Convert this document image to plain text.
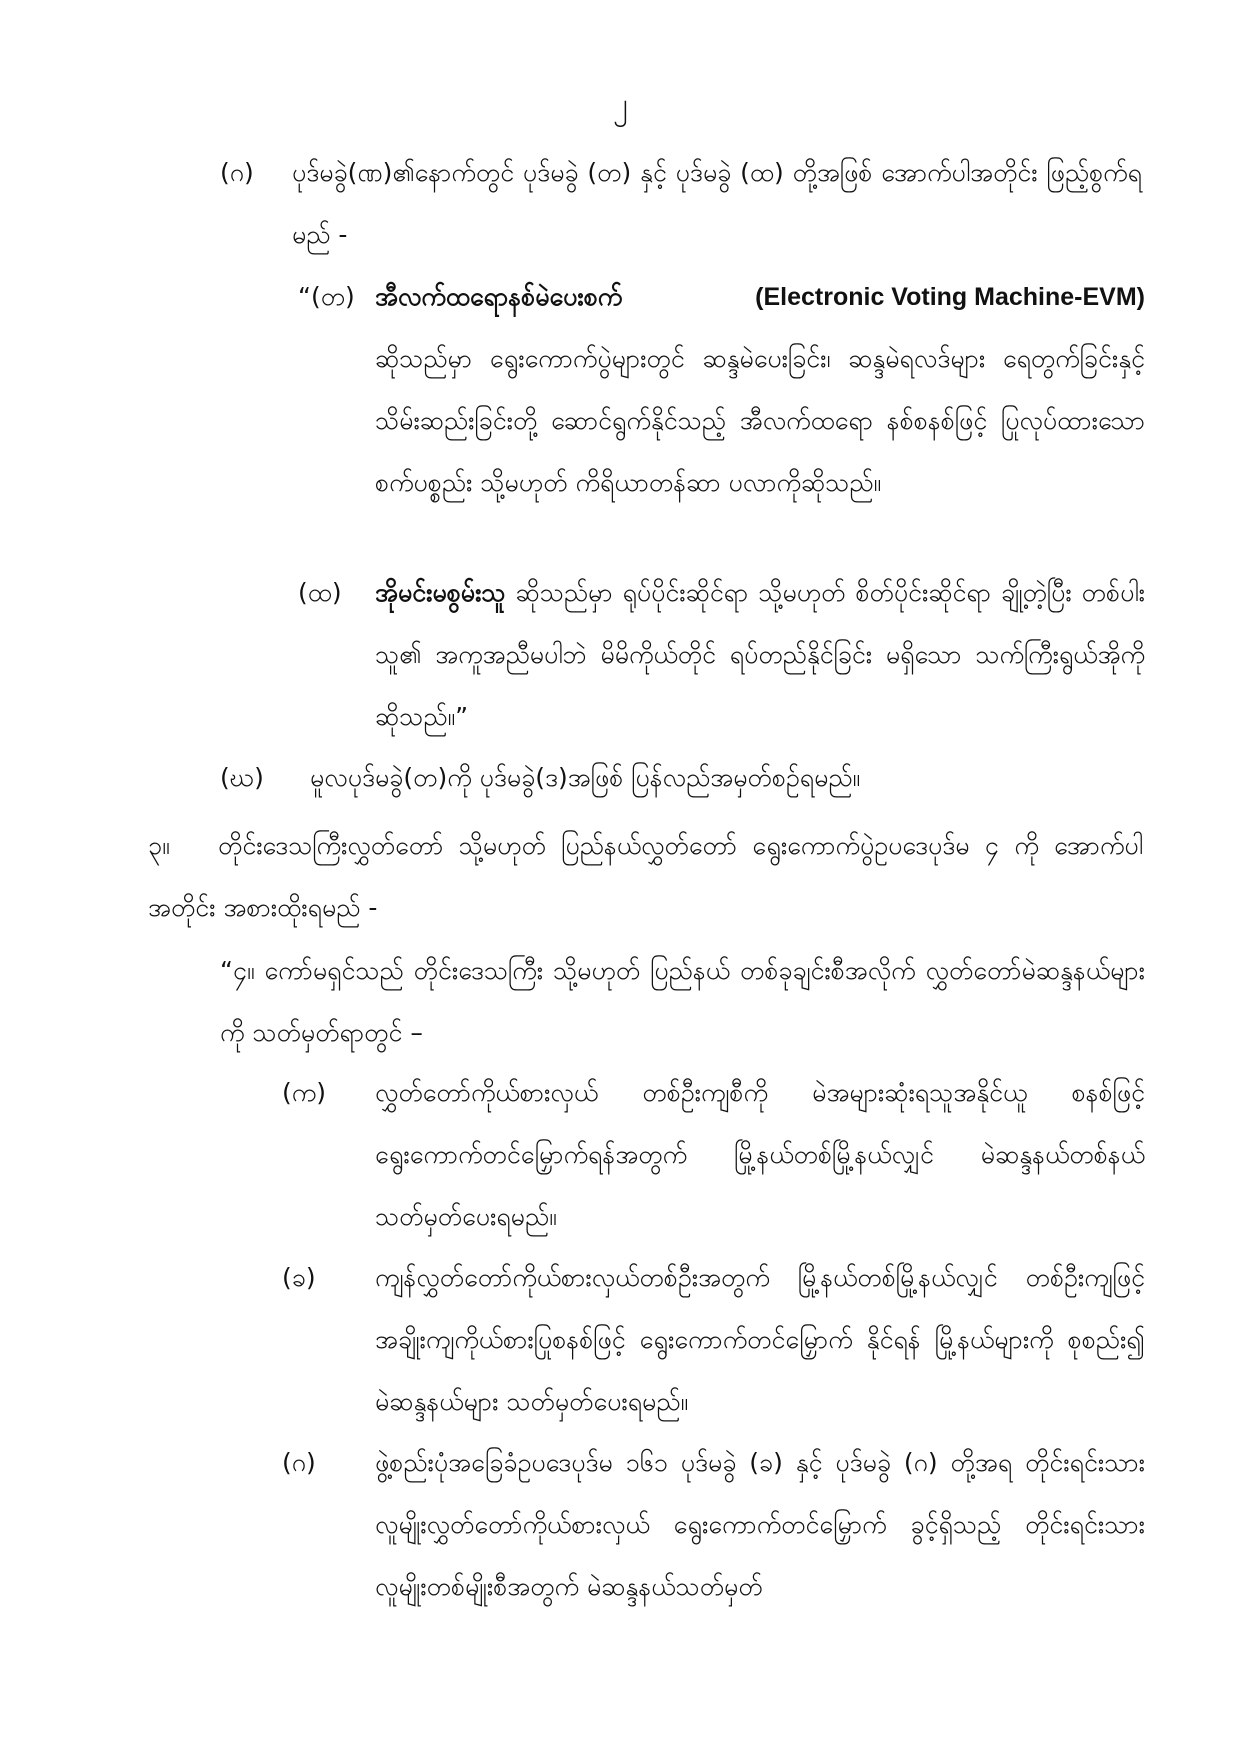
၂
(ဂ) ပုဒ်မခွဲ(ဏ)၏နောက်တွင် ပုဒ်မခွဲ (တ) နှင့် ပုဒ်မခွဲ (ထ) တို့အဖြစ် အောက်ပါအတိုင်း ဖြည့်စွက်ရမည် -
“(တ) အီလက်ထရောနစ်မဲပေးစက်	(Electronic Voting Machine-EVM)
ဆိုသည်မှာ ရွေးကောက်ပွဲများတွင် ဆန္ဒမဲပေးခြင်း၊ ဆန္ဒမဲရလဒ်များ ရေတွက်ခြင်းနှင့် သိမ်းဆည်းခြင်းတို့ ဆောင်ရွက်နိုင်သည့် အီလက်ထရော နစ်စနစ်ဖြင့် ပြုလုပ်ထားသော စက်ပစ္စည်း သို့မဟုတ် ကိရိယာတန်ဆာ ပလာကိုဆိုသည်။
(ထ) အိုမင်းမစွမ်းသူ ဆိုသည်မှာ ရုပ်ပိုင်းဆိုင်ရာ သို့မဟုတ် စိတ်ပိုင်းဆိုင်ရာ ချို့တဲ့ပြီး တစ်ပါးသူ၏ အကူအညီမပါဘဲ မိမိကိုယ်တိုင် ရပ်တည်နိုင်ခြင်း မရှိသော သက်ကြီးရွယ်အိုကိုဆိုသည်။”
(ဃ) မူလပုဒ်မခွဲ(တ)ကို ပုဒ်မခွဲ(ဒ)အဖြစ် ပြန်လည်အမှတ်စဉ်ရမည်။
၃။	တိုင်းဒေသကြီးလွှတ်တော် သို့မဟုတ် ပြည်နယ်လွှတ်တော် ရွေးကောက်ပွဲဥပဒေပုဒ်မ ၄ ကို အောက်ပါအတိုင်း အစားထိုးရမည် -
“၄။ ကော်မရှင်သည် တိုင်းဒေသကြီး သို့မဟုတ် ပြည်နယ် တစ်ခုချင်းစီအလိုက် လွှတ်တော်မဲဆန္ဒနယ်များကို သတ်မှတ်ရာတွင် –
(က) လွှတ်တော်ကိုယ်စားလှယ် တစ်ဦးကျစီကို မဲအများဆုံးရသူအနိုင်ယူ စနစ်ဖြင့် ရွေးကောက်တင်မြှောက်ရန်အတွက် မြို့နယ်တစ်မြို့နယ်လျှင် မဲဆန္ဒနယ်တစ်နယ် သတ်မှတ်ပေးရမည်။
(ခ) ကျန်လွှတ်တော်ကိုယ်စားလှယ်တစ်ဦးအတွက် မြို့နယ်တစ်မြို့နယ်လျှင် တစ်ဦးကျဖြင့် အချိုးကျကိုယ်စားပြုစနစ်ဖြင့် ရွေးကောက်တင်မြှောက် နိုင်ရန် မြို့နယ်များကို စုစည်း၍ မဲဆန္ဒနယ်များ သတ်မှတ်ပေးရမည်။
(ဂ) ဖွဲ့စည်းပုံအခြေခံဥပဒေပုဒ်မ ၁၆၁ ပုဒ်မခွဲ (ခ) နှင့် ပုဒ်မခွဲ (ဂ) တို့အရ တိုင်းရင်းသားလူမျိုးလွှတ်တော်ကိုယ်စားလှယ် ရွေးကောက်တင်မြှောက် ခွင့်ရှိသည့် တိုင်းရင်းသားလူမျိုးတစ်မျိုးစီအတွက် မဲဆန္ဒနယ်သတ်မှတ်
